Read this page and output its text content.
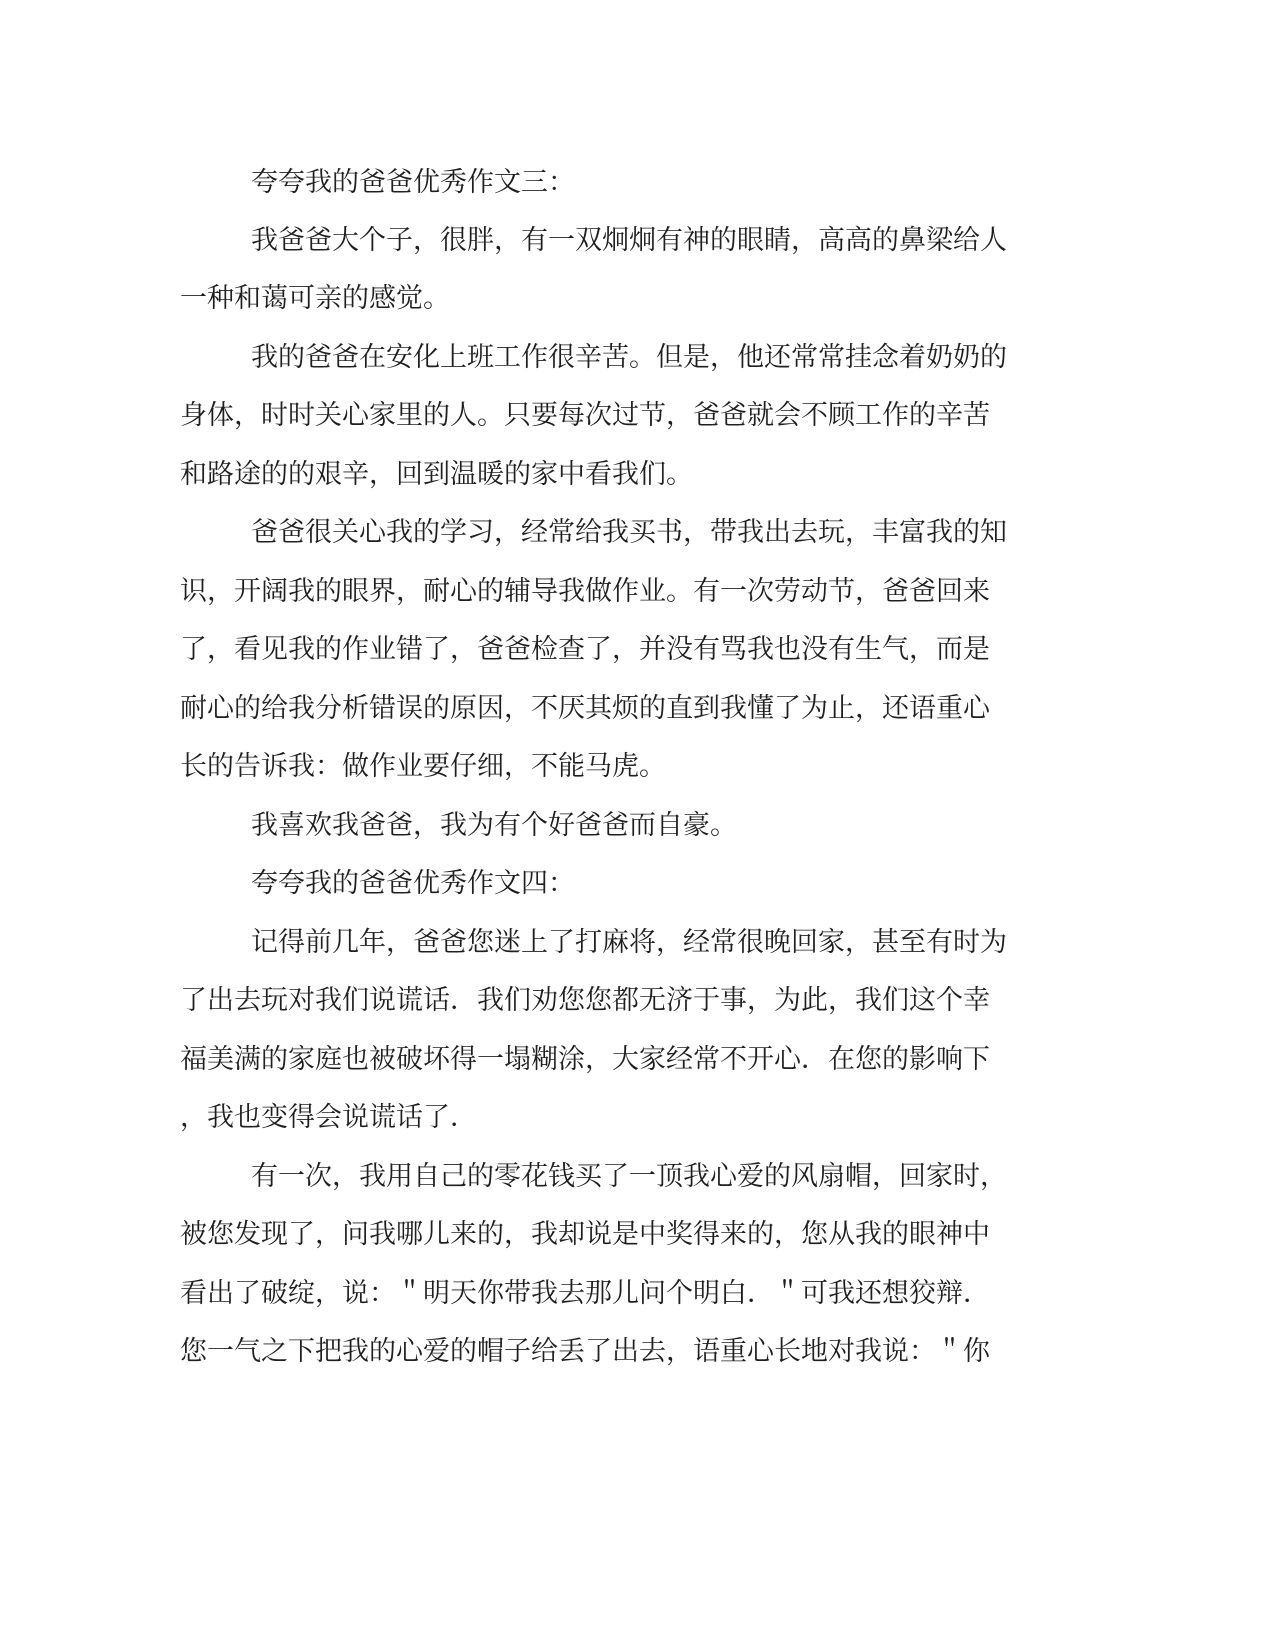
夸夸我的爸爸优秀作文三：
我爸爸大个子，很胖，有一双炯炯有神的眼睛，高高的鼻梁给人
一种和蔼可亲的感觉。
我的爸爸在安化上班工作很辛苦。但是，他还常常挂念着奶奶的
身体，时时关心家里的人。只要每次过节，爸爸就会不顾工作的辛苦
和路途的的艰辛，回到温暖的家中看我们。
爸爸很关心我的学习，经常给我买书，带我出去玩，丰富我的知
识，开阔我的眼界，耐心的辅导我做作业。有一次劳动节，爸爸回来
了，看见我的作业错了，爸爸检查了，并没有骂我也没有生气，而是
耐心的给我分析错误的原因，不厌其烦的直到我懂了为止，还语重心
长的告诉我：做作业要仔细，不能马虎。
我喜欢我爸爸，我为有个好爸爸而自豪。
夸夸我的爸爸优秀作文四：
记得前几年，爸爸您迷上了打麻将，经常很晚回家，甚至有时为
了出去玩对我们说谎话．我们劝您您都无济于事，为此，我们这个幸
福美满的家庭也被破坏得一塌糊涂，大家经常不开心．在您的影响下
，我也变得会说谎话了．
有一次，我用自己的零花钱买了一顶我心爱的风扇帽，回家时，
被您发现了，问我哪儿来的，我却说是中奖得来的，您从我的眼神中
看出了破绽，说：＂明天你带我去那儿问个明白．＂可我还想狡辩．
您一气之下把我的心爱的帽子给丢了出去，语重心长地对我说：＂你
